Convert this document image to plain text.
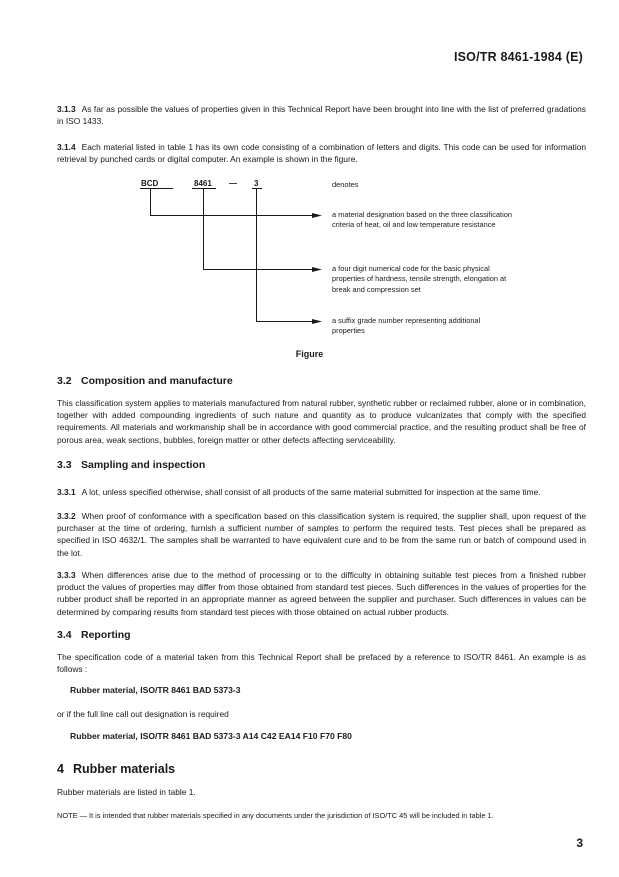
ISO/TR 8461-1984 (E)
3.1.3 As far as possible the values of properties given in this Technical Report have been brought into line with the list of preferred gradations in ISO 1433.
3.1.4 Each material listed in table 1 has its own code consisting of a combination of letters and digits. This code can be used for information retrieval by punched cards or digital computer. An example is shown in the figure.
BCD	8461 — 3	denotes
a material designation based on the three classification criteria of heat, oil and low temperature resistance
a four digit numerical code for the basic physical properties of hardness, tensile strength, elongation at break and compression set
a suffix grade number representing additional properties
Figure
3.2 Composition and manufacture
This classification system applies to materials manufactured from natural rubber, synthetic rubber or reclaimed rubber, alone or in combination, together with added compounding ingredients of such nature and quantity as to produce vulcanizates that comply with the specified requirements. All materials and workmanship shall be in accordance with good commercial practice, and the resulting product shall be free of porous area, weak sections, bubbles, foreign matter or other defects affecting serviceability.
3.3 Sampling and inspection
3.3.1 A lot, unless specified otherwise, shall consist of all products of the same material submitted for inspection at the same time.
3.3.2 When proof of conformance with a specification based on this classification system is required, the supplier shall, upon request of the purchaser at the time of ordering, furnish a sufficient number of samples to perform the required tests. Test pieces shall be prepared as specified in ISO 4632/1. The samples shall be warranted to have equivalent cure and to be from the same run or batch of compound used in the lot.
3.3.3 When differences arise due to the method of processing or to the difficulty in obtaining suitable test pieces from a finished rubber product the values of properties may differ from those obtained from standard test pieces. Such differences in the values of properties for the rubber product shall be reported in an appropriate manner as agreed between the supplier and purchaser. Such differences in values can be determined by comparing results from standard test pieces with those obtained on actual rubber products.
3.4 Reporting
The specification code of a material taken from this Technical Report shall be prefaced by a reference to ISO/TR 8461. An example is as follows :
Rubber material, ISO/TR 8461 BAD 5373-3
or if the full line call out designation is required
Rubber material, ISO/TR 8461 BAD 5373-3 A14 C42 EA14 F10 F70 F80
4 Rubber materials
Rubber materials are listed in table 1.
NOTE — It is intended that rubber materials specified in any documents under the jurisdiction of ISO/TC 45 will be included in table 1.
3
